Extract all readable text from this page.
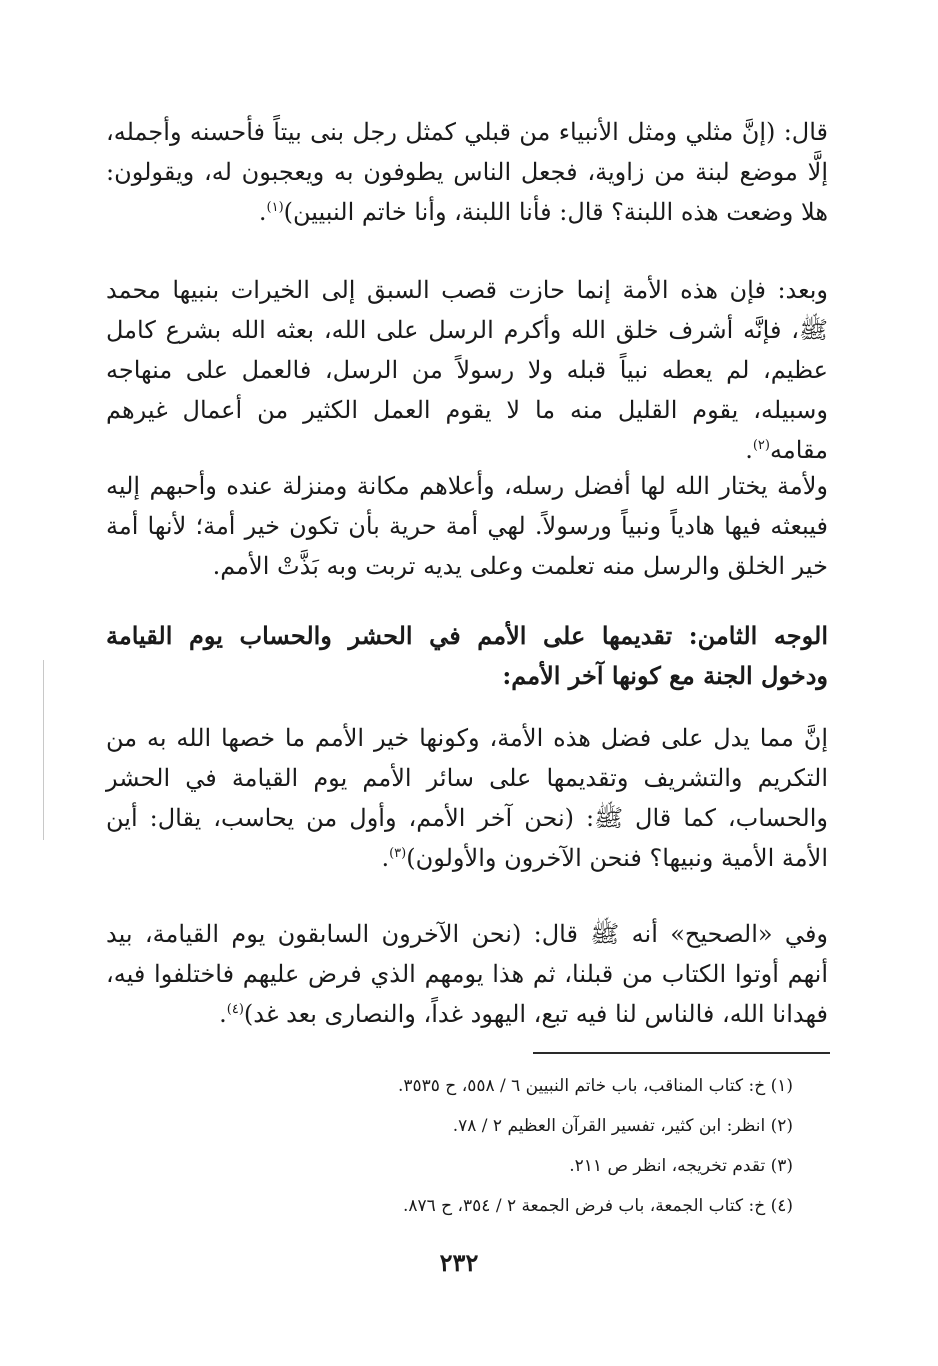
قال: (إنَّ مثلي ومثل الأنبياء من قبلي كمثل رجل بنى بيتاً فأحسنه وأجمله، إلَّا موضع لبنة من زاوية، فجعل الناس يطوفون به ويعجبون له، ويقولون: هلا وضعت هذه اللبنة؟ قال: فأنا اللبنة، وأنا خاتم النبيين)$^{(١)}$.

وبعد: فإن هذه الأمة إنما حازت قصب السبق إلى الخيرات بنبيها محمد ﷺ، فإنَّه أشرف خلق الله وأكرم الرسل على الله، بعثه الله بشرع كامل عظيم، لم يعطه نبياً قبله ولا رسولاً من الرسل، فالعمل على منهاجه وسبيله، يقوم القليل منه ما لا يقوم العمل الكثير من أعمال غيرهم مقامه$^{(٢)}$.

ولأمة يختار الله لها أفضل رسله، وأعلاهم مكانة ومنزلة عنده وأحبهم إليه فيبعثه فيها هادياً ونبياً ورسولاً. لهي أمة حرية بأن تكون خير أمة؛ لأنها أمة خير الخلق والرسل منه تعلمت وعلى يديه تربت وبه بَذَّتْ الأمم.

الوجه الثامن: تقديمها على الأمم في الحشر والحساب يوم القيامة ودخول الجنة مع كونها آخر الأمم:

إنَّ مما يدل على فضل هذه الأمة، وكونها خير الأمم ما خصها الله به من التكريم والتشريف وتقديمها على سائر الأمم يوم القيامة في الحشر والحساب، كما قال ﷺ: (نحن آخر الأمم، وأول من يحاسب، يقال: أين الأمة الأمية ونبيها؟ فنحن الآخرون والأولون)$^{(٣)}$.

وفي «الصحيح» أنه ﷺ قال: (نحن الآخرون السابقون يوم القيامة، بيد أنهم أوتوا الكتاب من قبلنا، ثم هذا يومهم الذي فرض عليهم فاختلفوا فيه، فهدانا الله، فالناس لنا فيه تبع، اليهود غداً، والنصارى بعد غد)$^{(٤)}$.

(١) خ: كتاب المناقب، باب خاتم النبيين ٦ / ٥٥٨، ح ٣٥٣٥.

(٢) انظر: ابن كثير، تفسير القرآن العظيم ٢ / ٧٨.

(٣) تقدم تخريجه، انظر ص ٢١١.

(٤) خ: كتاب الجمعة، باب فرض الجمعة ٢ / ٣٥٤، ح ٨٧٦.

٢٣٢
